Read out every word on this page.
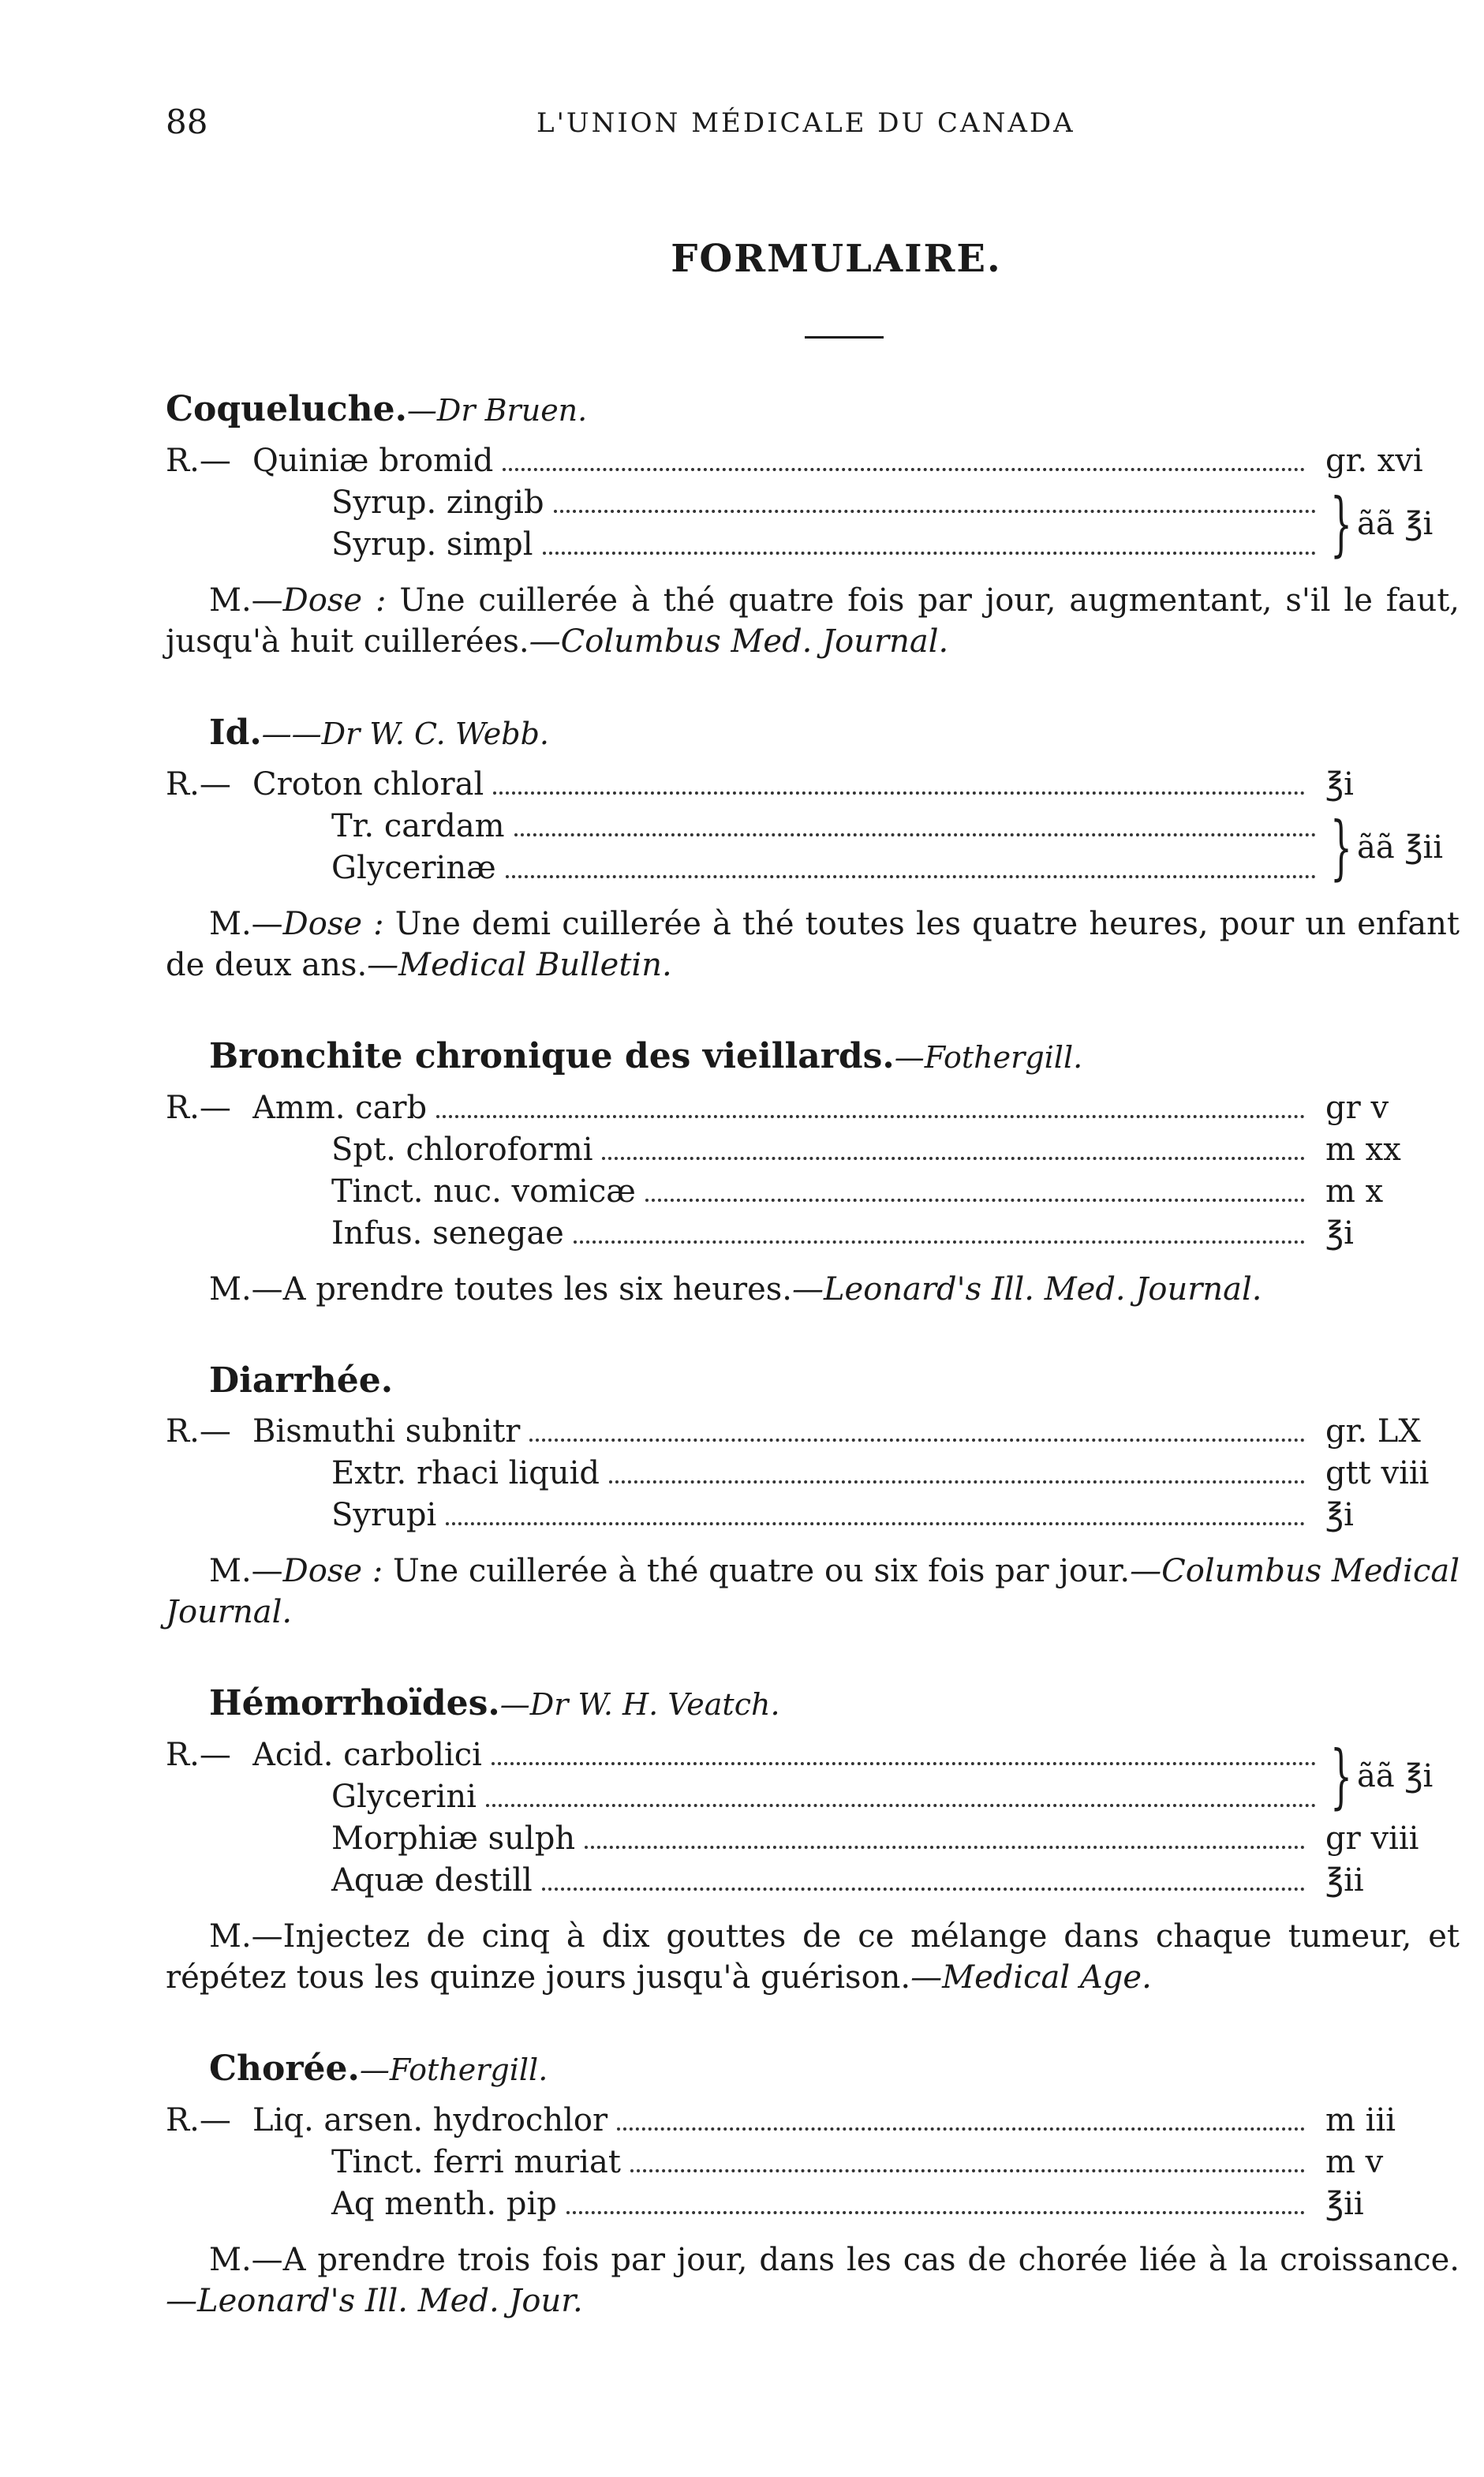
88	L'UNION MÉDICALE DU CANADA
FORMULAIRE.
Coqueluche.—Dr Bruen.
R.— Quiniæ bromid	gr. xvi
Syrup. zingib
Syrup. simpl	} ãã ℥i
M.—Dose : Une cuillerée à thé quatre fois par jour, augmentant, s'il le faut, jusqu'à huit cuillerées.—Columbus Med. Journal.
Id.——Dr W. C. Webb.
R.— Croton chloral	℥i
Tr. cardam
Glycerinæ	} ãã ℥ii
M.—Dose : Une demi cuillerée à thé toutes les quatre heures, pour un enfant de deux ans.—Medical Bulletin.
Bronchite chronique des vieillards.—Fothergill.
R.— Amm. carb	gr v
Spt. chloroformi	m xx
Tinct. nuc. vomicæ	m x
Infus. senegae	℥i
M.—A prendre toutes les six heures.—Leonard's Ill. Med. Journal.
Diarrhée.
R.— Bismuthi subnitr	gr. LX
Extr. rhaci liquid	gtt viii
Syrupi	℥i
M.—Dose : Une cuillerée à thé quatre ou six fois par jour.—Columbus Medical Journal.
Hémorrhoïdes.—Dr W. H. Veatch.
R.— Acid. carbolici
Glycerini	} ãã ℥i
Morphiæ sulph	gr viii
Aquæ destill	℥ii
M.—Injectez de cinq à dix gouttes de ce mélange dans chaque tumeur, et répétez tous les quinze jours jusqu'à guérison.—Medical Age.
Chorée.—Fothergill.
R.— Liq. arsen. hydrochlor	m iii
Tinct. ferri muriat	m v
Aq menth. pip	℥ii
M.—A prendre trois fois par jour, dans les cas de chorée liée à la croissance.—Leonard's Ill. Med. Jour.
